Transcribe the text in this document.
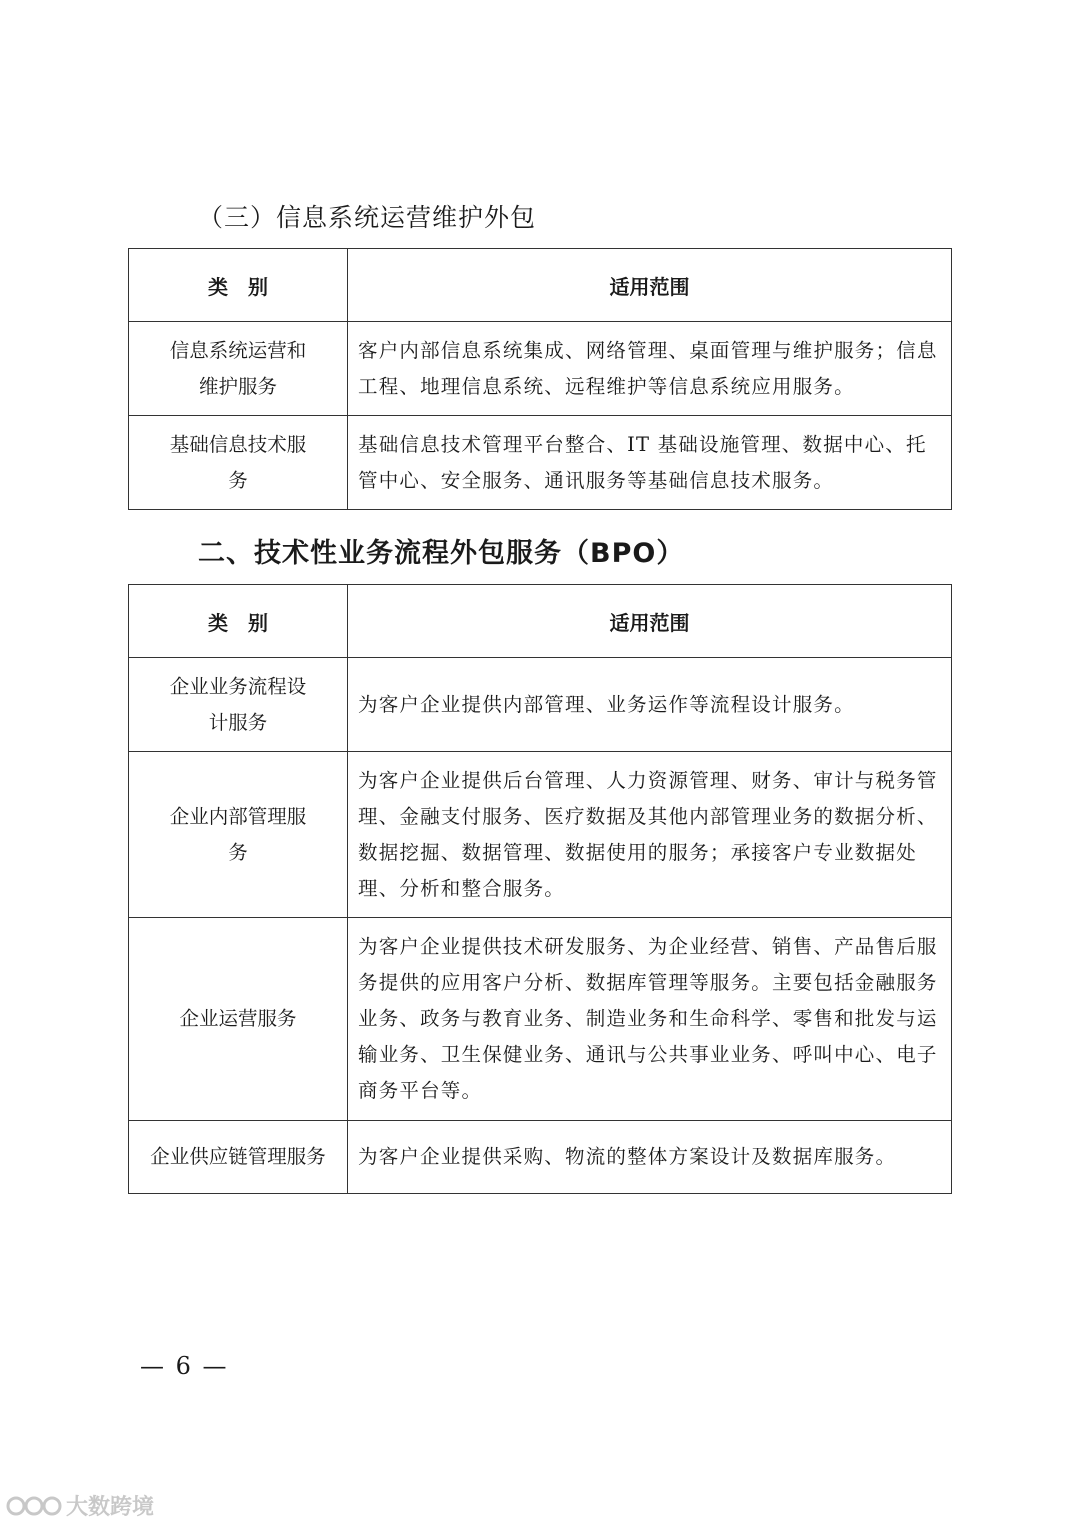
（三）信息系统运营维护外包
类　别	适用范围
信息系统运营和维护服务	客户内部信息系统集成、网络管理、桌面管理与维护服务；信息工程、地理信息系统、远程维护等信息系统应用服务。
基础信息技术服务	基础信息技术管理平台整合、IT 基础设施管理、数据中心、托管中心、安全服务、通讯服务等基础信息技术服务。
二、技术性业务流程外包服务（BPO）
类　别	适用范围
企业业务流程设计服务	为客户企业提供内部管理、业务运作等流程设计服务。
企业内部管理服务	为客户企业提供后台管理、人力资源管理、财务、审计与税务管理、金融支付服务、医疗数据及其他内部管理业务的数据分析、数据挖掘、数据管理、数据使用的服务；承接客户专业数据处理、分析和整合服务。
企业运营服务	为客户企业提供技术研发服务、为企业经营、销售、产品售后服务提供的应用客户分析、数据库管理等服务。主要包括金融服务业务、政务与教育业务、制造业务和生命科学、零售和批发与运输业务、卫生保健业务、通讯与公共事业业务、呼叫中心、电子商务平台等。
企业供应链管理服务	为客户企业提供采购、物流的整体方案设计及数据库服务。
— 6 —
大数跨境
